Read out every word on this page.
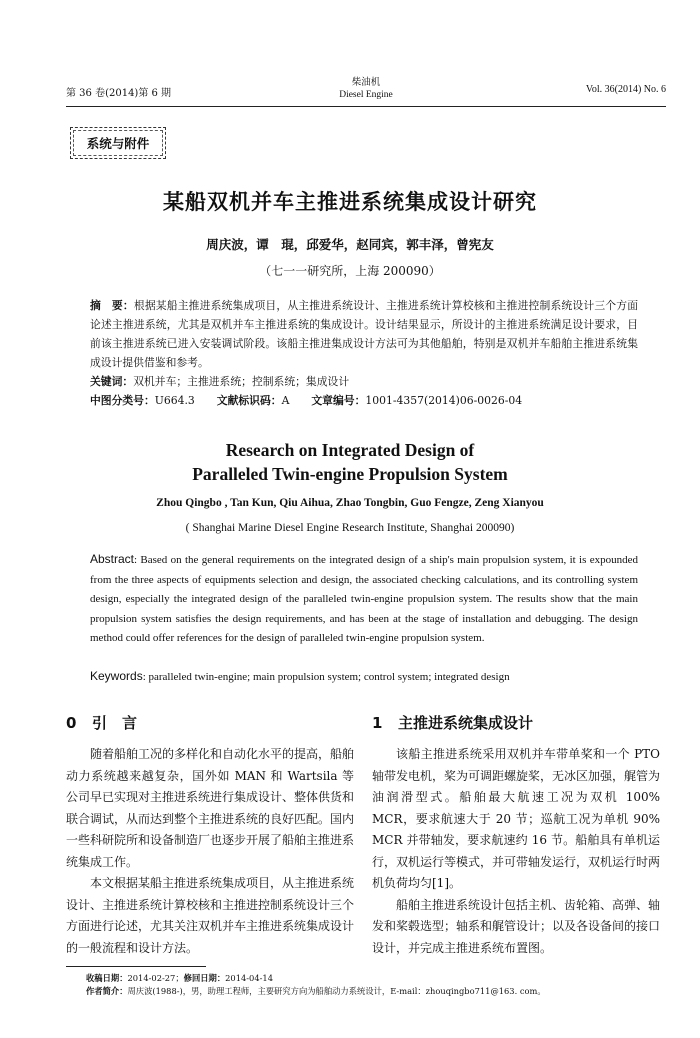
第 36 卷(2014)第 6 期
柴油机
Diesel Engine	Vol. 36(2014) No. 6
系统与附件
某船双机并车主推进系统集成设计研究
周庆波，谭　琨，邱爱华，赵同宾，郭丰泽，曾宪友
（七一一研究所，上海 200090）
摘　要：根据某船主推进系统集成项目，从主推进系统设计、主推进系统计算校核和主推进控制系统设计三个方面论述主推进系统，尤其是双机并车主推进系统的集成设计。设计结果显示，所设计的主推进系统满足设计要求，目前该主推进系统已进入安装调试阶段。该船主推进集成设计方法可为其他船舶，特别是双机并车船舶主推进系统集成设计提供借鉴和参考。
关键词：双机并车；主推进系统；控制系统；集成设计
中图分类号：U664.3 文献标识码：A 文章编号：1001-4357(2014)06-0026-04
Research on Integrated Design of
Paralleled Twin-engine Propulsion System
Zhou Qingbo , Tan Kun, Qiu Aihua, Zhao Tongbin, Guo Fengze, Zeng Xianyou
( Shanghai Marine Diesel Engine Research Institute, Shanghai 200090)
Abstract: Based on the general requirements on the integrated design of a ship's main propulsion system, it is expounded from the three aspects of equipments selection and design, the associated checking calculations, and its controlling system design, especially the integrated design of the paralleled twin-engine propulsion system. The results show that the main propulsion system satisfies the design requirements, and has been at the stage of installation and debugging. The design method could offer references for the design of paralleled twin-engine propulsion system.
Keywords: paralleled twin-engine; main propulsion system; control system; integrated design
0 引　言

随着船舶工况的多样化和自动化水平的提高，船舶动力系统越来越复杂，国外如 MAN 和 Wartsila 等公司早已实现对主推进系统进行集成设计、整体供货和联合调试，从而达到整个主推进系统的良好匹配。国内一些科研院所和设备制造厂也逐步开展了船舶主推进系统集成工作。

本文根据某船主推进系统集成项目，从主推进系统设计、主推进系统计算校核和主推进控制系统设计三个方面进行论述，尤其关注双机并车主推进系统集成设计的一般流程和设计方法。

1 主推进系统集成设计

该船主推进系统采用双机并车带单桨和一个 PTO 轴带发电机，桨为可调距螺旋桨，无冰区加强，艉管为油润滑型式。船舶最大航速工况为双机 100% MCR，要求航速大于 20 节；巡航工况为单机 90% MCR 并带轴发，要求航速约 16 节。船舶具有单机运行，双机运行等模式，并可带轴发运行，双机运行时两机负荷均匀[1]。

船舶主推进系统设计包括主机、齿轮箱、高弹、轴发和桨毂选型；轴系和艉管设计；以及各设备间的接口设计，并完成主推进系统布置图。

收稿日期：2014-02-27；修回日期：2014-04-14
作者简介：周庆波(1988-)，男，助理工程师，主要研究方向为船舶动力系统设计，E-mail：zhouqingbo711@163. com。
